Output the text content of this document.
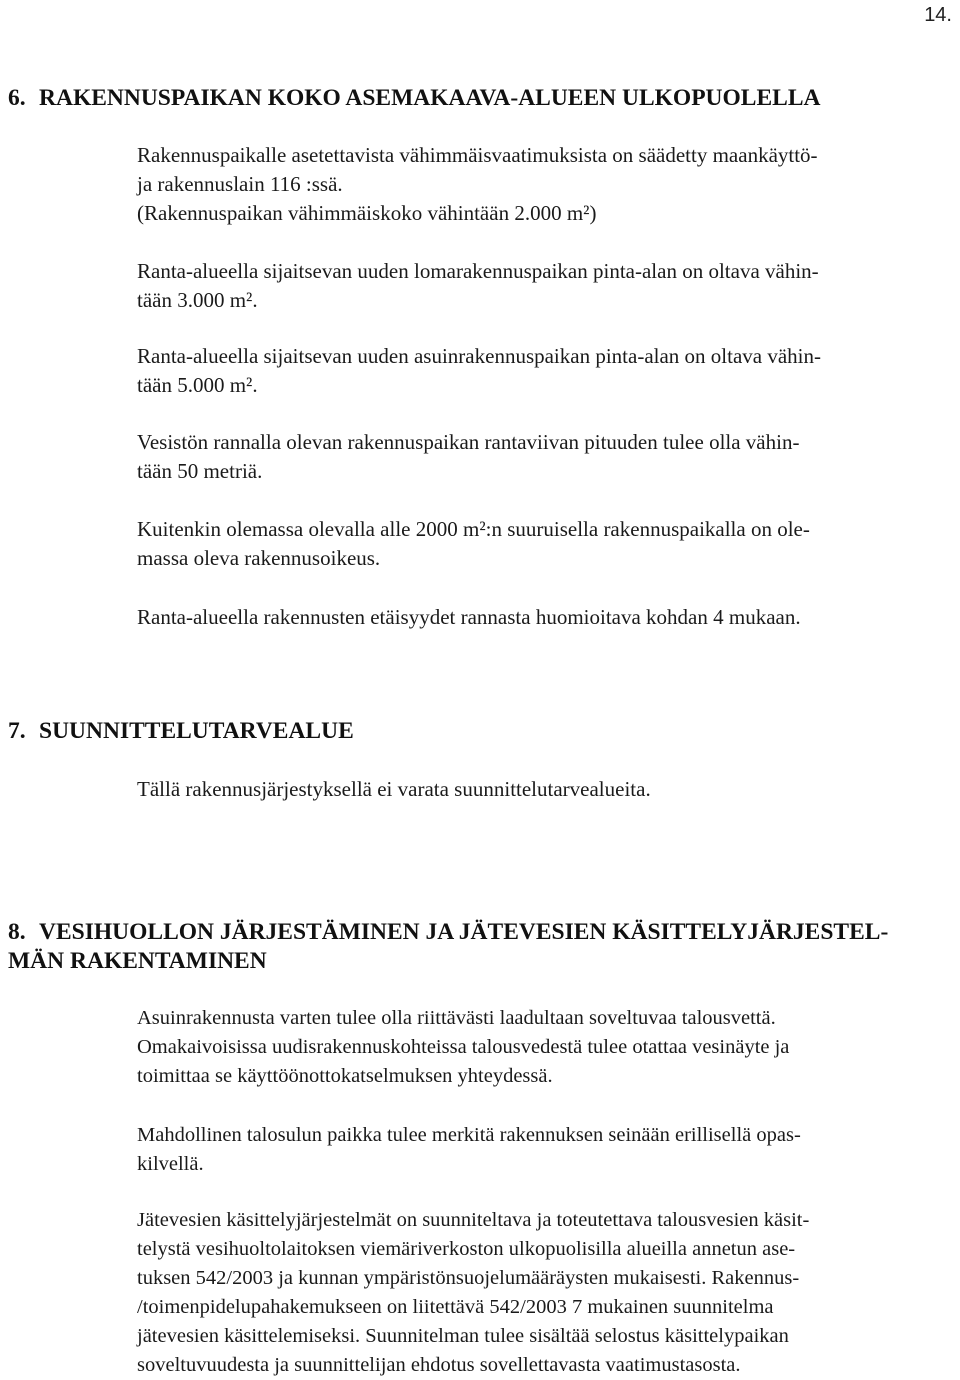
14.
6. RAKENNUSPAIKAN KOKO ASEMAKAAVA-ALUEEN ULKOPUOLELLA
Rakennuspaikalle asetettavista vähimmäisvaatimuksista on säädetty maankäyttö-
ja rakennuslain 116 :ssä.
(Rakennuspaikan vähimmäiskoko vähintään 2.000 m²)
Ranta-alueella sijaitsevan uuden lomarakennuspaikan pinta-alan on oltava vähin-
tään 3.000 m².
Ranta-alueella sijaitsevan uuden asuinrakennuspaikan pinta-alan on oltava vähin-
tään 5.000 m².
Vesistön rannalla olevan rakennuspaikan rantaviivan pituuden tulee olla vähin-
tään 50 metriä.
Kuitenkin olemassa olevalla alle 2000 m²:n suuruisella rakennuspaikalla on ole-
massa oleva rakennusoikeus.
Ranta-alueella rakennusten etäisyydet rannasta huomioitava kohdan 4 mukaan.
7. SUUNNITTELUTARVEALUE
Tällä rakennusjärjestyksellä ei varata suunnittelutarvealueita.
8. VESIHUOLLON JÄRJESTÄMINEN JA JÄTEVESIEN KÄSITTELYJÄRJESTEL-
MÄN RAKENTAMINEN
Asuinrakennusta varten tulee olla riittävästi laadultaan soveltuvaa talousvettä.
Omakaivoisissa uudisrakennuskohteissa talousvedestä tulee otattaa vesinäyte ja
toimittaa se käyttöönottokatselmuksen yhteydessä.
Mahdollinen talosulun paikka tulee merkitä rakennuksen seinään erillisellä opas-
kilvellä.
Jätevesien käsittelyjärjestelmät on suunniteltava ja toteutettava talousvesien käsit-
telystä vesihuoltolaitoksen viemäriverkoston ulkopuolisilla alueilla annetun ase-
tuksen 542/2003 ja kunnan ympäristönsuojelumääräysten mukaisesti. Rakennus-
/toimenpidelupahakemukseen on liitettävä 542/2003 7 mukainen suunnitelma
jätevesien käsittelemiseksi. Suunnitelman tulee sisältää selostus käsittelypaikan
soveltuvuudesta ja suunnittelijan ehdotus sovellettavasta vaatimustasosta.
